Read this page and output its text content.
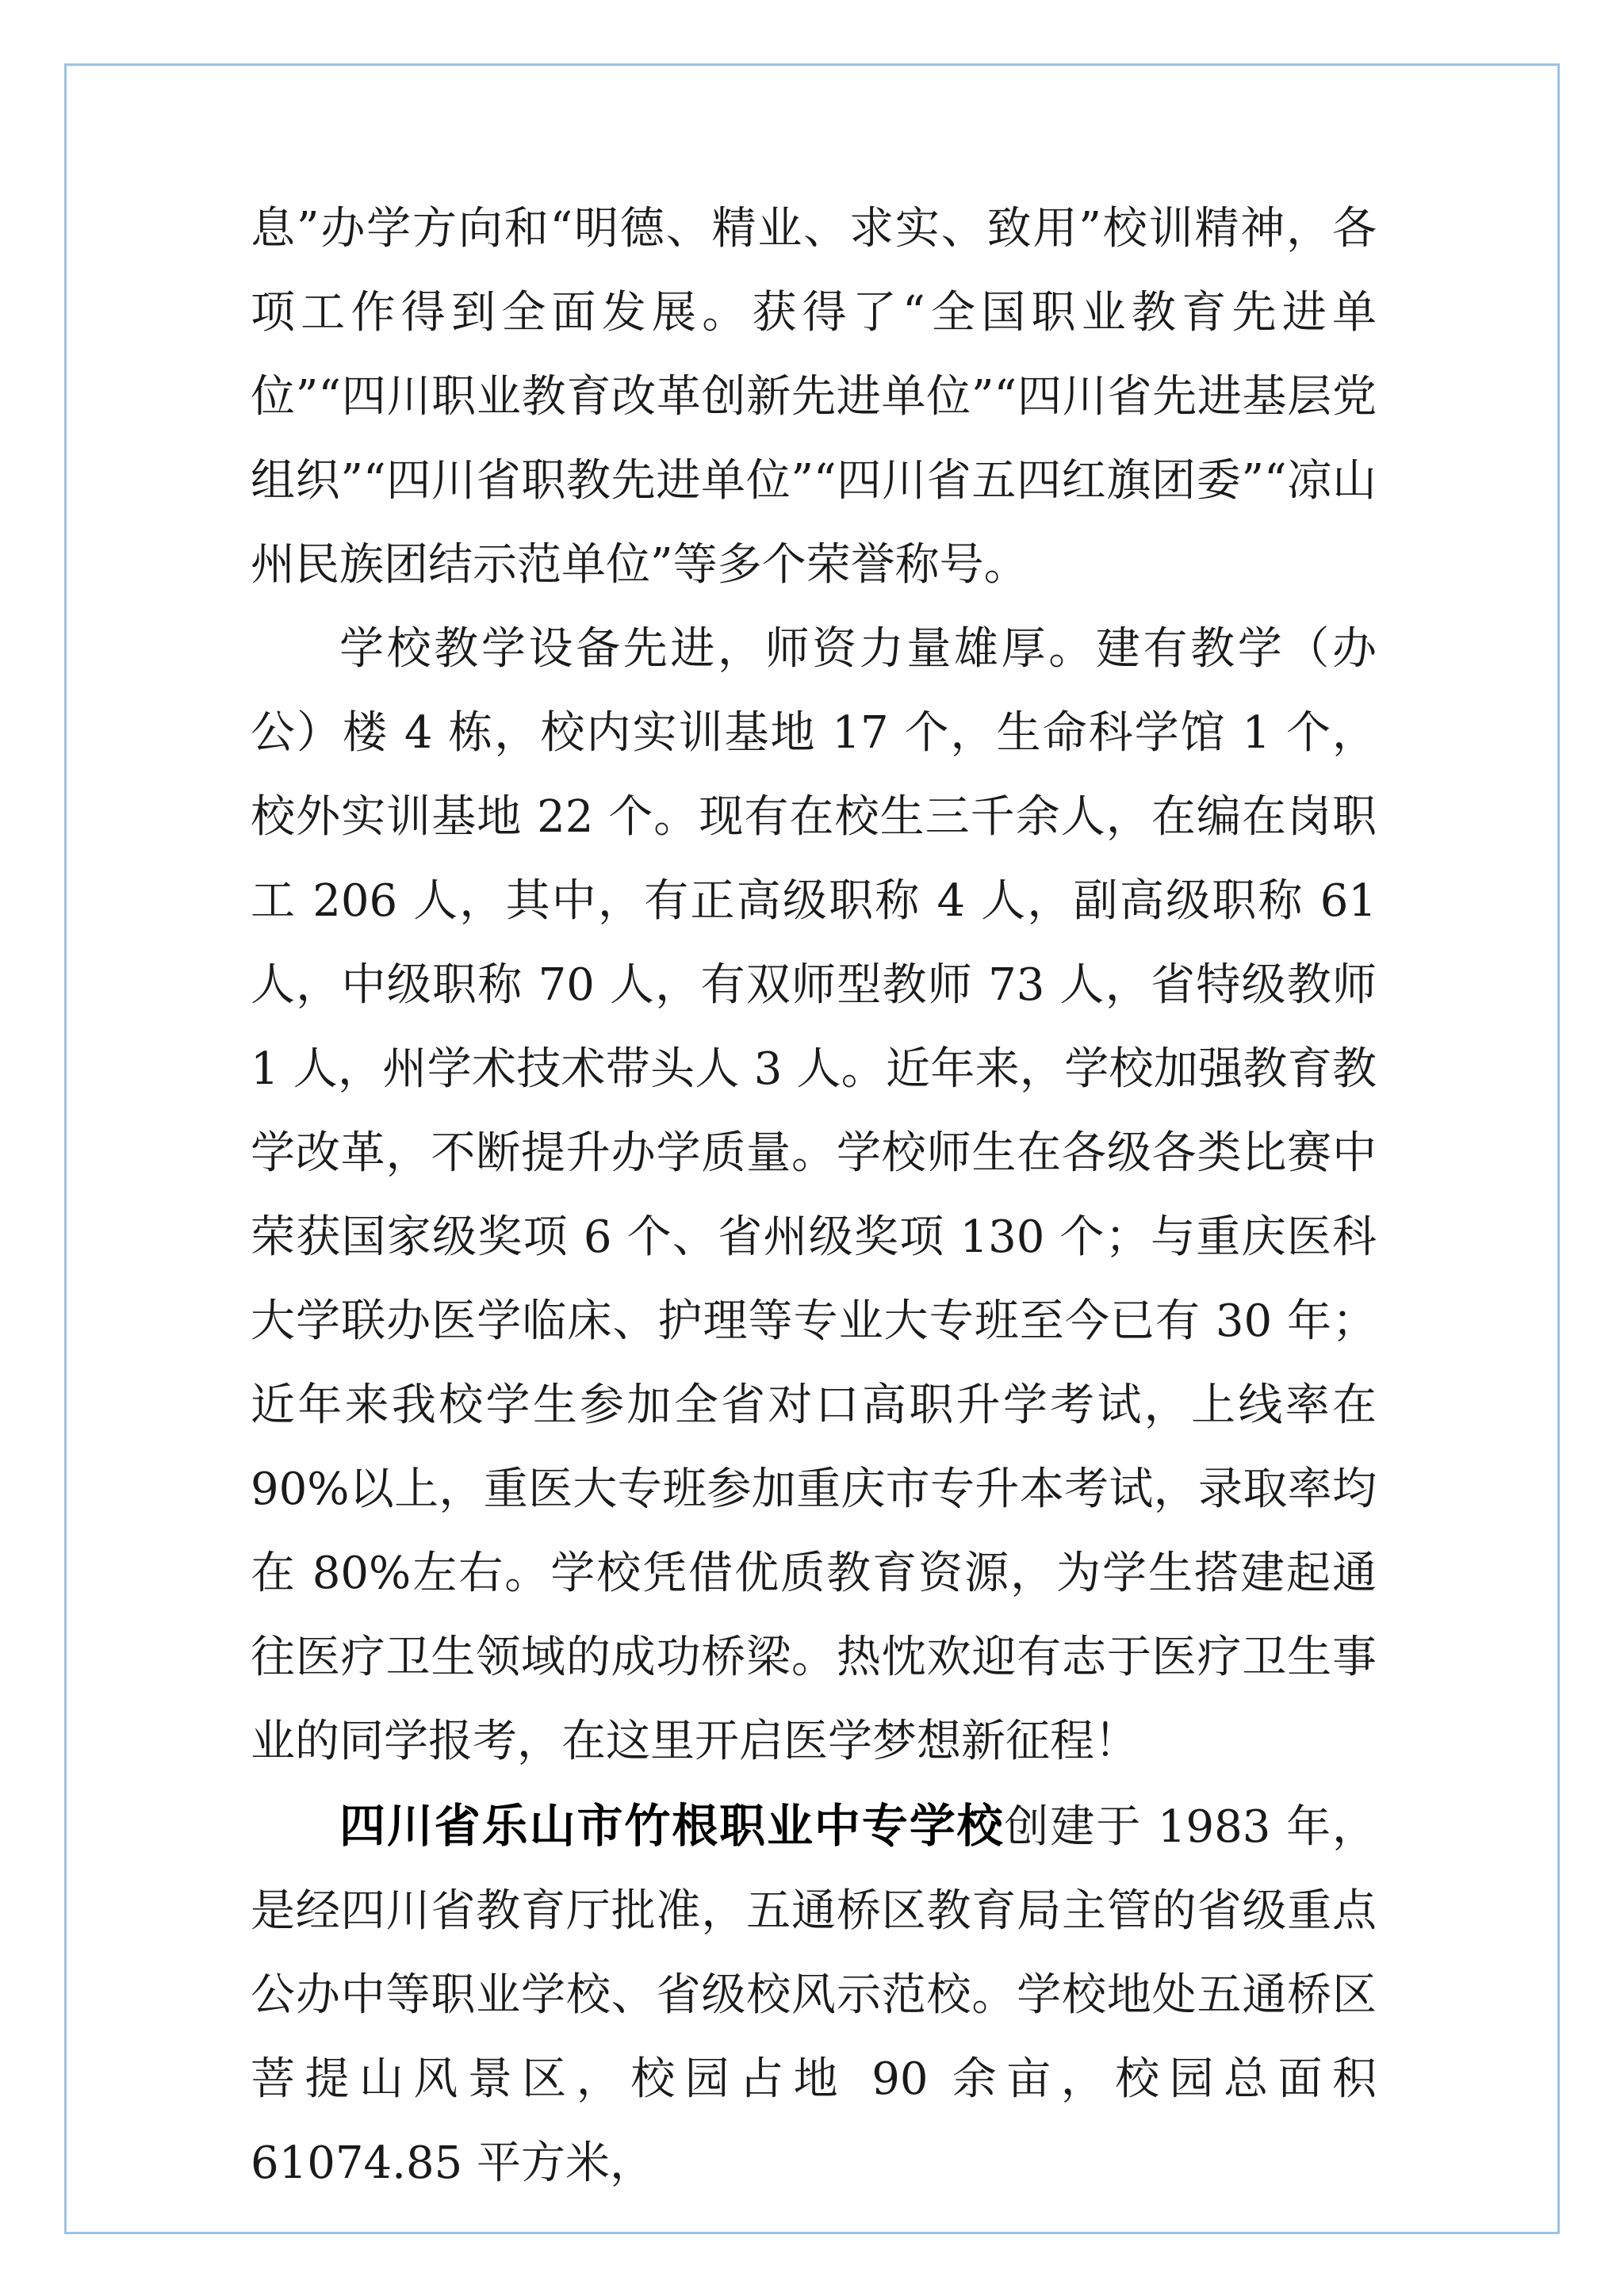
息”办学方向和“明德、精业、求实、致用”校训精神，各项工作得到全面发展。获得了“全国职业教育先进单位”“四川职业教育改革创新先进单位”“四川省先进基层党组织”“四川省职教先进单位”“四川省五四红旗团委”“凉山州民族团结示范单位”等多个荣誉称号。

学校教学设备先进，师资力量雄厚。建有教学（办公）楼 4 栋，校内实训基地 17 个，生命科学馆 1 个，校外实训基地 22 个。现有在校生三千余人，在编在岗职工 206 人，其中，有正高级职称 4 人，副高级职称 61 人，中级职称 70 人，有双师型教师 73 人，省特级教师 1 人，州学术技术带头人 3 人。近年来，学校加强教育教学改革，不断提升办学质量。学校师生在各级各类比赛中荣获国家级奖项 6 个、省州级奖项 130 个；与重庆医科大学联办医学临床、护理等专业大专班至今已有 30 年；近年来我校学生参加全省对口高职升学考试，上线率在 90%以上，重医大专班参加重庆市专升本考试，录取率均在 80%左右。学校凭借优质教育资源，为学生搭建起通往医疗卫生领域的成功桥梁。热忱欢迎有志于医疗卫生事业的同学报考，在这里开启医学梦想新征程！

四川省乐山市竹根职业中专学校创建于 1983 年，是经四川省教育厅批准，五通桥区教育局主管的省级重点公办中等职业学校、省级校风示范校。学校地处五通桥区菩提山风景区，校园占地 90 余亩，校园总面积 61074.85 平方米，
